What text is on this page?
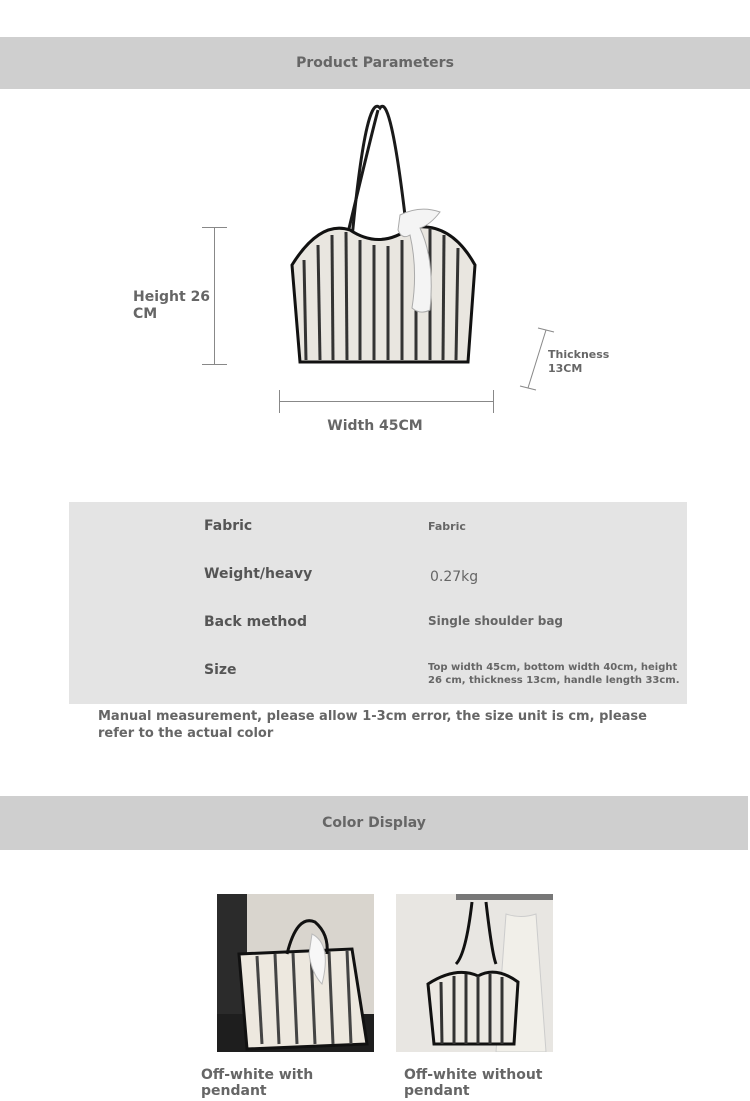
Product Parameters
Height 26 CM
Width 45CM
Thickness 13CM
Fabric	Fabric
Weight/heavy	0.27kg
Back method	Single shoulder bag
Size	Top width 45cm, bottom width 40cm, height 26 cm, thickness 13cm, handle length 33cm.
Manual measurement, please allow 1-3cm error, the size unit is cm, please refer to the actual color
Color Display
Off-white with pendant
Off-white without pendant
